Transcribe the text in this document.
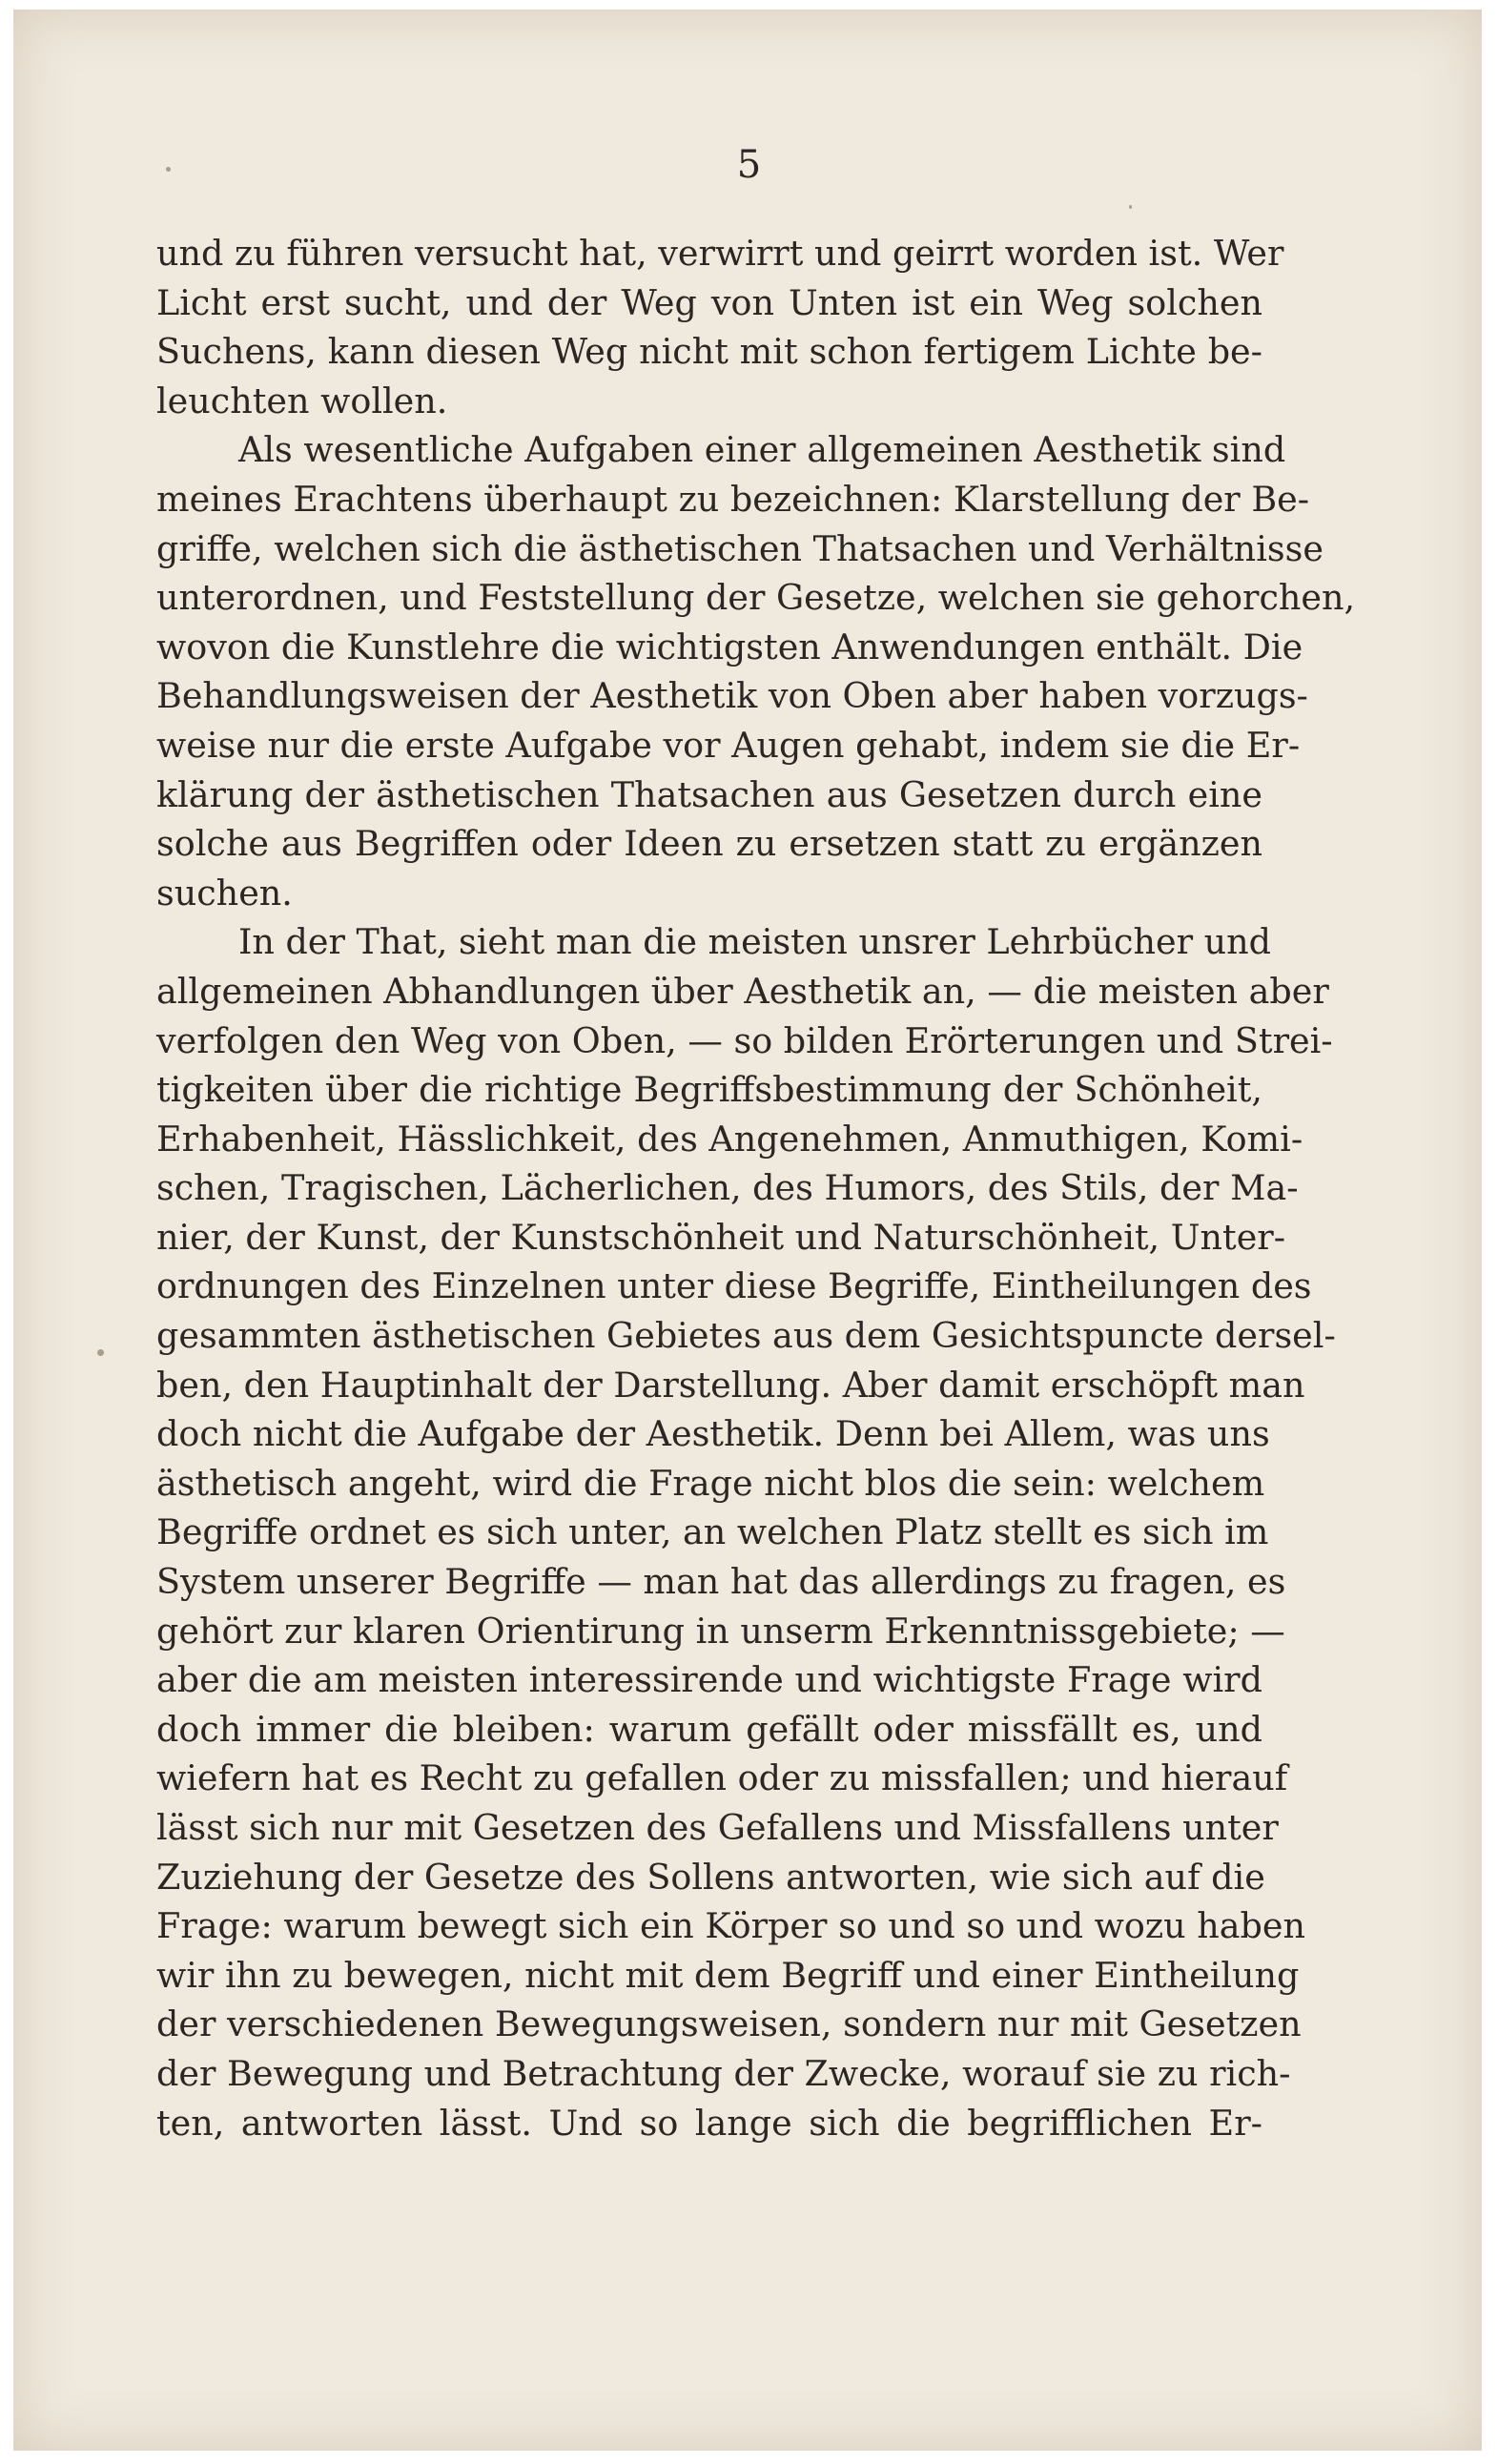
5
und zu führen versucht hat, verwirrt und geirrt worden ist. Wer
Licht erst sucht, und der Weg von Unten ist ein Weg solchen
Suchens, kann diesen Weg nicht mit schon fertigem Lichte be-
leuchten wollen.
Als wesentliche Aufgaben einer allgemeinen Aesthetik sind
meines Erachtens überhaupt zu bezeichnen: Klarstellung der Be-
griffe, welchen sich die ästhetischen Thatsachen und Verhältnisse
unterordnen, und Feststellung der Gesetze, welchen sie gehorchen,
wovon die Kunstlehre die wichtigsten Anwendungen enthält. Die
Behandlungsweisen der Aesthetik von Oben aber haben vorzugs-
weise nur die erste Aufgabe vor Augen gehabt, indem sie die Er-
klärung der ästhetischen Thatsachen aus Gesetzen durch eine
solche aus Begriffen oder Ideen zu ersetzen statt zu ergänzen
suchen.
In der That, sieht man die meisten unsrer Lehrbücher und
allgemeinen Abhandlungen über Aesthetik an, — die meisten aber
verfolgen den Weg von Oben, — so bilden Erörterungen und Strei-
tigkeiten über die richtige Begriffsbestimmung der Schönheit,
Erhabenheit, Hässlichkeit, des Angenehmen, Anmuthigen, Komi-
schen, Tragischen, Lächerlichen, des Humors, des Stils, der Ma-
nier, der Kunst, der Kunstschönheit und Naturschönheit, Unter-
ordnungen des Einzelnen unter diese Begriffe, Eintheilungen des
gesammten ästhetischen Gebietes aus dem Gesichtspuncte dersel-
ben, den Hauptinhalt der Darstellung. Aber damit erschöpft man
doch nicht die Aufgabe der Aesthetik. Denn bei Allem, was uns
ästhetisch angeht, wird die Frage nicht blos die sein: welchem
Begriffe ordnet es sich unter, an welchen Platz stellt es sich im
System unserer Begriffe — man hat das allerdings zu fragen, es
gehört zur klaren Orientirung in unserm Erkenntnissgebiete; —
aber die am meisten interessirende und wichtigste Frage wird
doch immer die bleiben: warum gefällt oder missfällt es, und
wiefern hat es Recht zu gefallen oder zu missfallen; und hierauf
lässt sich nur mit Gesetzen des Gefallens und Missfallens unter
Zuziehung der Gesetze des Sollens antworten, wie sich auf die
Frage: warum bewegt sich ein Körper so und so und wozu haben
wir ihn zu bewegen, nicht mit dem Begriff und einer Eintheilung
der verschiedenen Bewegungsweisen, sondern nur mit Gesetzen
der Bewegung und Betrachtung der Zwecke, worauf sie zu rich-
ten, antworten lässt. Und so lange sich die begrifflichen Er-
